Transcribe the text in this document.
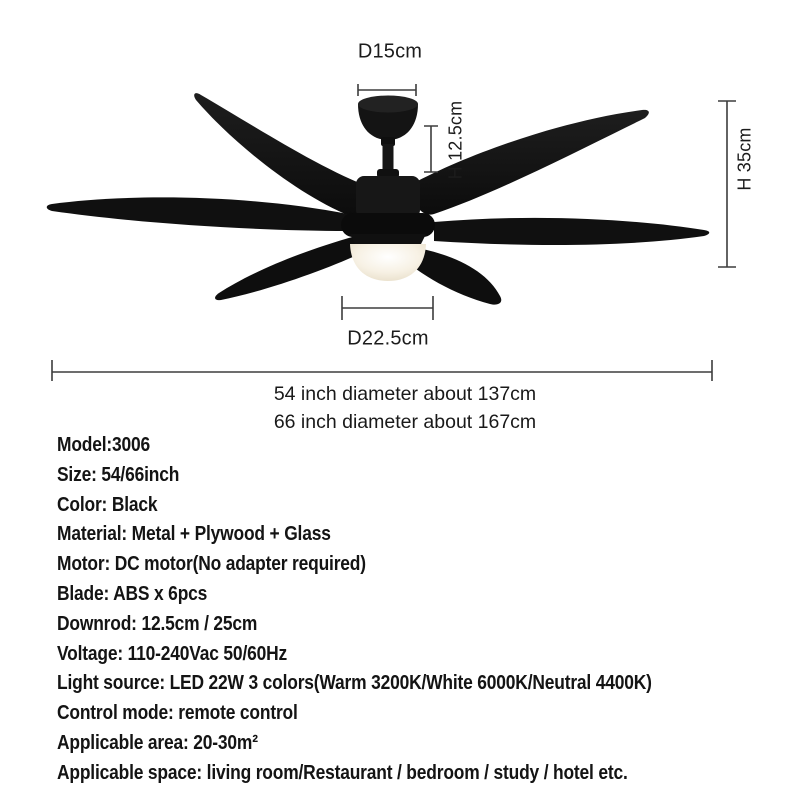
D15cm
H 12.5cm	H 35cm
D22.5cm
54 inch diameter about 137cm
66 inch diameter about 167cm
Model:3006
Size: 54/66inch
Color: Black
Material: Metal + Plywood + Glass
Motor: DC motor(No adapter required)
Blade: ABS x 6pcs
Downrod: 12.5cm / 25cm
Voltage: 110-240Vac 50/60Hz
Light source: LED 22W 3 colors(Warm 3200K/White 6000K/Neutral 4400K)
Control mode: remote control
Applicable area: 20-30m²
Applicable space: living room/Restaurant / bedroom / study / hotel etc.
